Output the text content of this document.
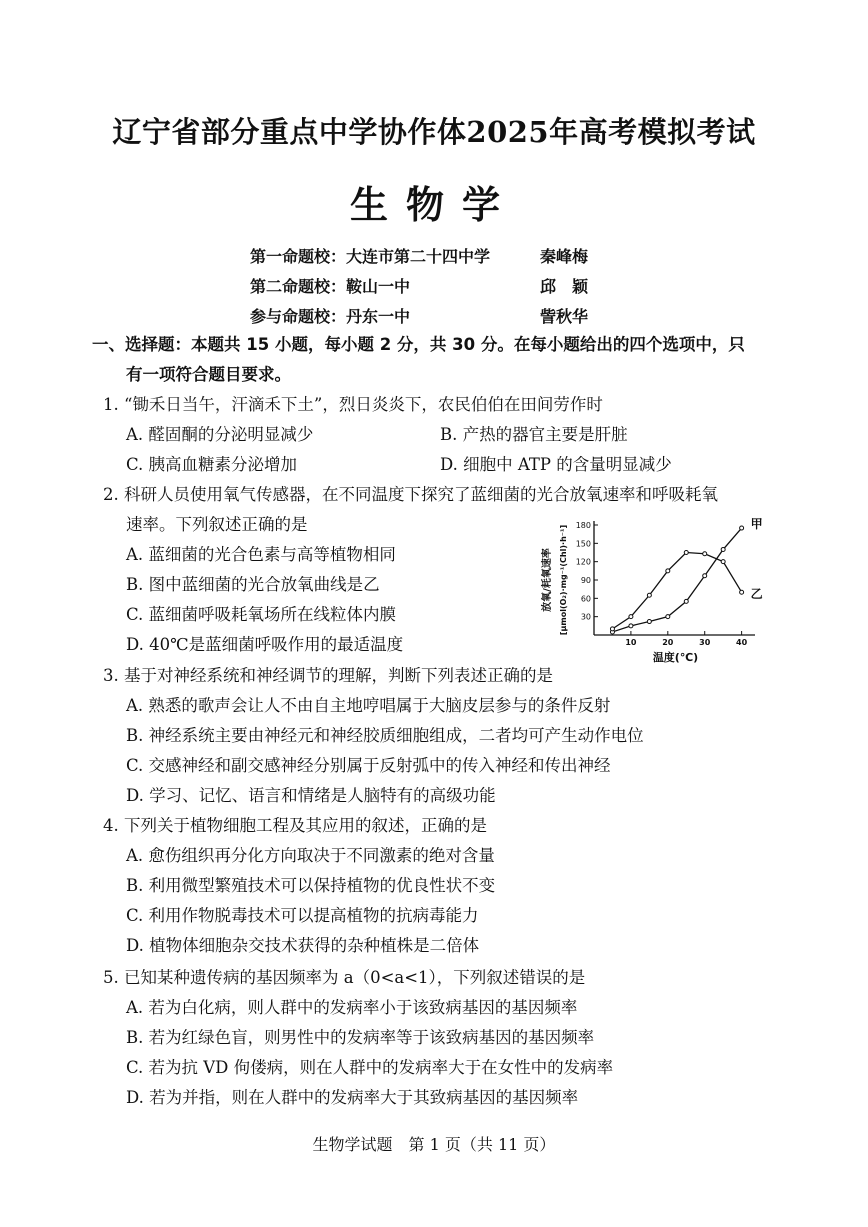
辽宁省部分重点中学协作体2025年高考模拟考试
生物学
第一命题校：大连市第二十四中学	秦峰梅
第二命题校：鞍山一中	邱　颖
参与命题校：丹东一中	訾秋华
一、选择题：本题共 15 小题，每小题 2 分，共 30 分。在每小题给出的四个选项中，只
有一项符合题目要求。
1. “锄禾日当午，汗滴禾下土”，烈日炎炎下，农民伯伯在田间劳作时
A. 醛固酮的分泌明显减少	B. 产热的器官主要是肝脏
C. 胰高血糖素分泌增加	D. 细胞中 ATP 的含量明显减少
2. 科研人员使用氧气传感器，在不同温度下探究了蓝细菌的光合放氧速率和呼吸耗氧
速率。下列叙述正确的是
A. 蓝细菌的光合色素与高等植物相同
B. 图中蓝细菌的光合放氧曲线是乙
C. 蓝细菌呼吸耗氧场所在线粒体内膜
D. 40℃是蓝细菌呼吸作用的最适温度
30
60
90
120
150
180
10	20	30	40
温度(℃)
放氧/耗氧速率 [μmol(O₂)·mg⁻¹(Chl)·h⁻¹]
甲
乙
3. 基于对神经系统和神经调节的理解，判断下列表述正确的是
A. 熟悉的歌声会让人不由自主地哼唱属于大脑皮层参与的条件反射
B. 神经系统主要由神经元和神经胶质细胞组成，二者均可产生动作电位
C. 交感神经和副交感神经分别属于反射弧中的传入神经和传出神经
D. 学习、记忆、语言和情绪是人脑特有的高级功能
4. 下列关于植物细胞工程及其应用的叙述，正确的是
A. 愈伤组织再分化方向取决于不同激素的绝对含量
B. 利用微型繁殖技术可以保持植物的优良性状不变
C. 利用作物脱毒技术可以提高植物的抗病毒能力
D. 植物体细胞杂交技术获得的杂种植株是二倍体
5. 已知某种遗传病的基因频率为 a（0<a<1），下列叙述错误的是
A. 若为白化病，则人群中的发病率小于该致病基因的基因频率
B. 若为红绿色盲，则男性中的发病率等于该致病基因的基因频率
C. 若为抗 VD 佝偻病，则在人群中的发病率大于在女性中的发病率
D. 若为并指，则在人群中的发病率大于其致病基因的基因频率
生物学试题　第 1 页（共 11 页）
